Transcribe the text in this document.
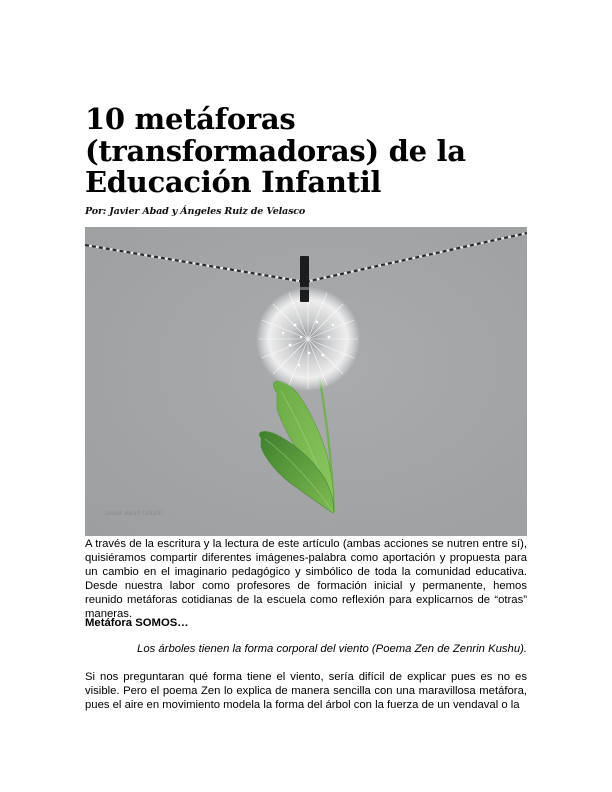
10 metáforas
(transformadoras) de la
Educación Infantil
Por: Javier Abad y Ángeles Ruiz de Velasco
Javier Abad (2020)

A través de la escritura y la lectura de este artículo (ambas acciones se nutren entre sí), quisiéramos compartir diferentes imágenes-palabra como aportación y propuesta para un cambio en el imaginario pedagógico y simbólico de toda la comunidad educativa. Desde nuestra labor como profesores de formación inicial y permanente, hemos reunido metáforas cotidianas de la escuela como reflexión para explicarnos de “otras” maneras.

Metáfora SOMOS…

Los árboles tienen la forma corporal del viento (Poema Zen de Zenrin Kushu).

Si nos preguntaran qué forma tiene el viento, sería difícil de explicar pues es no es visible. Pero el poema Zen lo explica de manera sencilla con una maravillosa metáfora, pues el aire en movimiento modela la forma del árbol con la fuerza de un vendaval o la
